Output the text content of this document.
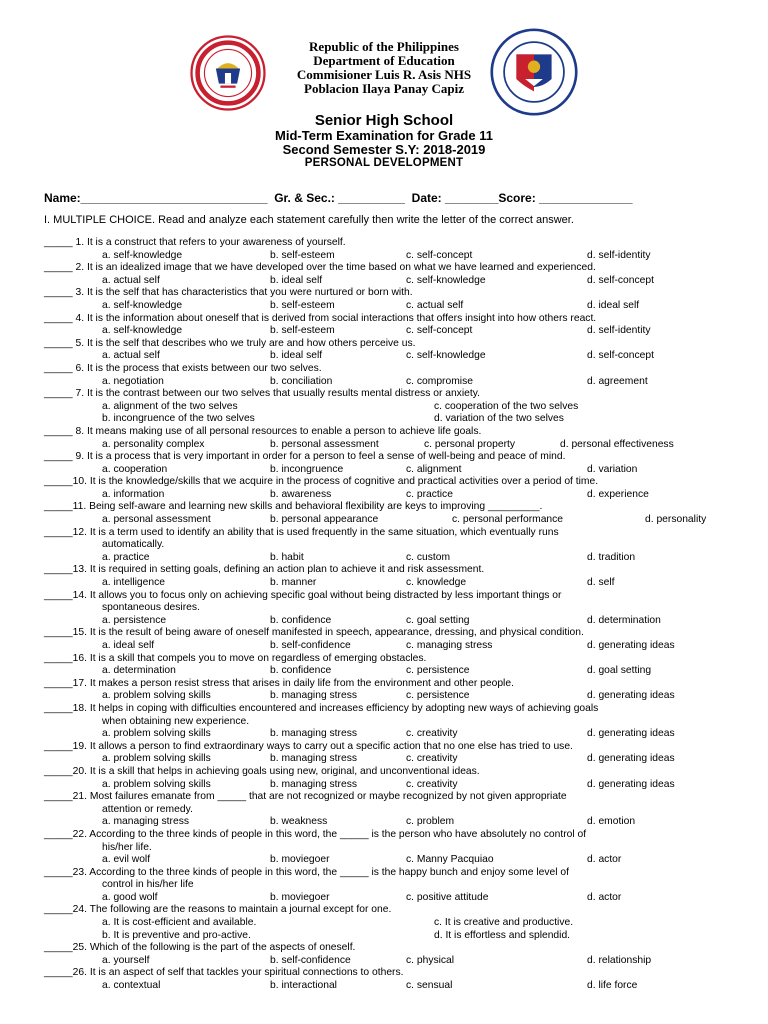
Republic of the Philippines
Department of Education
Commisioner Luis R. Asis NHS
Poblacion Ilaya Panay Capiz
Senior High School
Mid-Term Examination for Grade 11
Second Semester S.Y: 2018-2019
PERSONAL DEVELOPMENT
Name:____________________________  Gr. & Sec.: __________  Date: ________Score: ______________
I. MULTIPLE CHOICE. Read and analyze each statement carefully then write the letter of the correct answer.
_____ 1. It is a construct that refers to your awareness of yourself.
a. self-knowledge	b. self-esteem	c. self-concept	d. self-identity
_____ 2. It is an idealized image that we have developed over the time based on what we have learned and experienced.
a. actual self	b. ideal self	c. self-knowledge	d. self-concept
_____ 3. It is the self that has characteristics that you were nurtured or born with.
a. self-knowledge	b. self-esteem	c. actual self	d. ideal self
_____ 4. It is the information about oneself that is derived from social interactions that offers insight into how others react.
a. self-knowledge	b. self-esteem	c. self-concept	d. self-identity
_____ 5. It is the self that describes who we truly are and how others perceive us.
a. actual self	b. ideal self	c. self-knowledge	d. self-concept
_____ 6. It is the process that exists between our two selves.
a. negotiation	b. conciliation	c. compromise	d. agreement
_____ 7. It is the contrast between our two selves that usually results mental distress or anxiety.
a. alignment of the two selves	c. cooperation of the two selves
b. incongruence of the two selves	d. variation of the two selves
_____ 8. It means making use of all personal resources to enable a person to achieve life goals.
a. personality complex	b. personal assessment	c. personal property	d. personal effectiveness
_____ 9. It is a process that is very important in order for a person to feel a sense of well-being and peace of mind.
a. cooperation	b. incongruence	c. alignment	d. variation
_____10. It is the knowledge/skills that we acquire in the process of cognitive and practical activities over a period of time.
a. information	b. awareness	c. practice	d. experience
_____11. Being self-aware and learning new skills and behavioral flexibility are keys to improving _________.
a. personal assessment	b. personal appearance	c. personal performance	d. personality
_____12. It is a term used to identify an ability that is used frequently in the same situation, which eventually runs
automatically.
a. practice	b. habit	c. custom	d. tradition
_____13. It is required in setting goals, defining an action plan to achieve it and risk assessment.
a. intelligence	b. manner	c. knowledge	d. self
_____14. It allows you to focus only on achieving specific goal without being distracted by less important things or
spontaneous desires.
a. persistence	b. confidence	c. goal setting	d. determination
_____15. It is the result of being aware of oneself manifested in speech, appearance, dressing, and physical condition.
a. ideal self	b. self-confidence	c. managing stress	d. generating ideas
_____16. It is a skill that compels you to move on regardless of emerging obstacles.
a. determination	b. confidence	c. persistence	d. goal setting
_____17. It makes a person resist stress that arises in daily life from the environment and other people.
a. problem solving skills	b. managing stress	c. persistence	d. generating ideas
_____18. It helps in coping with difficulties encountered and increases efficiency by adopting new ways of achieving goals
when obtaining new experience.
a. problem solving skills	b. managing stress	c. creativity	d. generating ideas
_____19. It allows a person to find extraordinary ways to carry out a specific action that no one else has tried to use.
a. problem solving skills	b. managing stress	c. creativity	d. generating ideas
_____20. It is a skill that helps in achieving goals using new, original, and unconventional ideas.
a. problem solving skills	b. managing stress	c. creativity	d. generating ideas
_____21. Most failures emanate from _____ that are not recognized or maybe recognized by not given appropriate
attention or remedy.
a. managing stress	b. weakness	c. problem	d. emotion
_____22. According to the three kinds of people in this word, the _____ is the person who have absolutely no control of
his/her life.
a. evil wolf	b. moviegoer	c. Manny Pacquiao	d. actor
_____23. According to the three kinds of people in this word, the _____ is the happy bunch and enjoy some level of
control in his/her life
a. good wolf	b. moviegoer	c. positive attitude	d. actor
_____24. The following are the reasons to maintain a journal except for one.
a. It is cost-efficient and available.	c. It is creative and productive.
b. It is preventive and pro-active.	d. It is effortless and splendid.
_____25. Which of the following is the part of the aspects of oneself.
a. yourself	b. self-confidence	c. physical	d. relationship
_____26. It is an aspect of self that tackles your spiritual connections to others.
a. contextual	b. interactional	c. sensual	d. life force
